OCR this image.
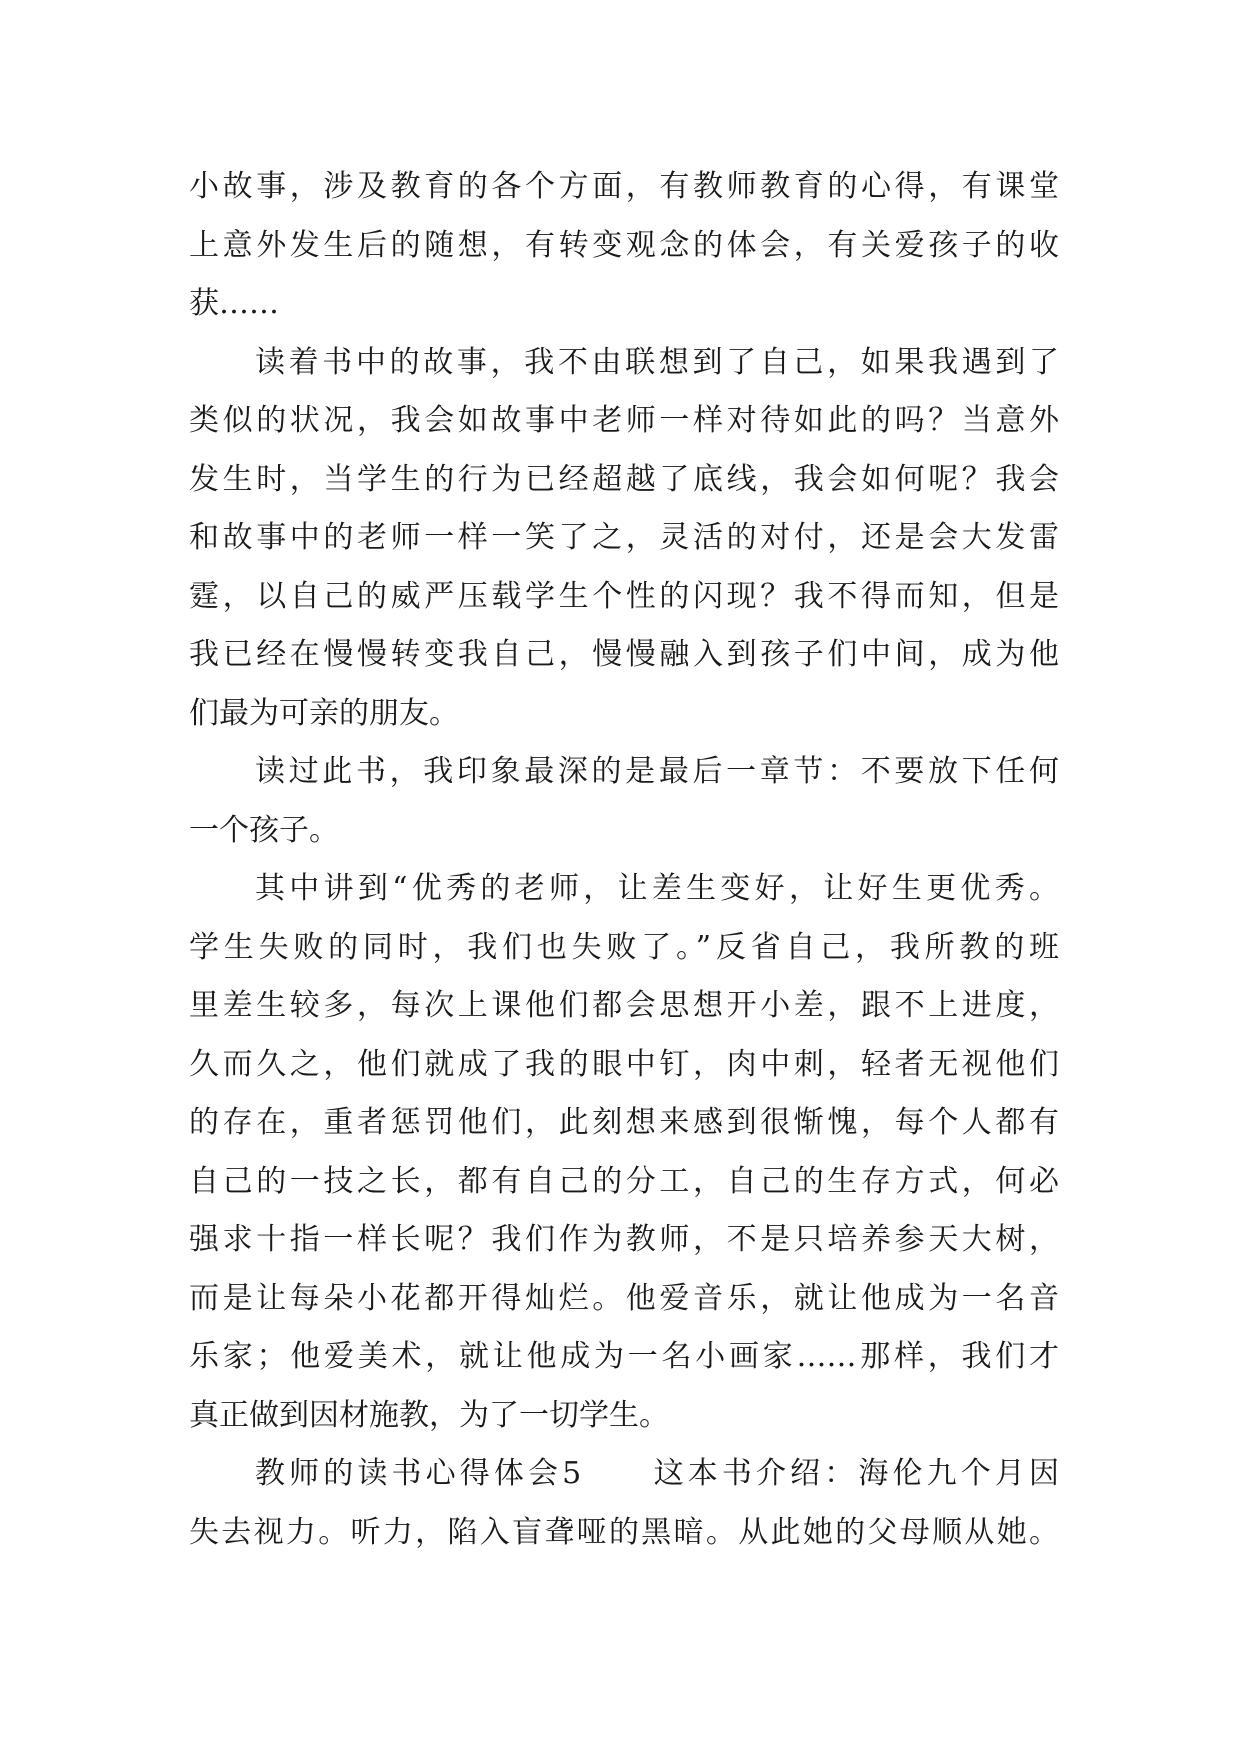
小故事，涉及教育的各个方面，有教师教育的心得，有课堂
上意外发生后的随想，有转变观念的体会，有关爱孩子的收
获……
读着书中的故事，我不由联想到了自己，如果我遇到了
类似的状况，我会如故事中老师一样对待如此的吗？当意外
发生时，当学生的行为已经超越了底线，我会如何呢？我会
和故事中的老师一样一笑了之，灵活的对付，还是会大发雷
霆，以自己的威严压载学生个性的闪现？我不得而知，但是
我已经在慢慢转变我自己，慢慢融入到孩子们中间，成为他
们最为可亲的朋友。
读过此书，我印象最深的是最后一章节：不要放下任何
一个孩子。
其中讲到“优秀的老师，让差生变好，让好生更优秀。
学生失败的同时，我们也失败了。”反省自己，我所教的班
里差生较多，每次上课他们都会思想开小差，跟不上进度，
久而久之，他们就成了我的眼中钉，肉中刺，轻者无视他们
的存在，重者惩罚他们，此刻想来感到很惭愧，每个人都有
自己的一技之长，都有自己的分工，自己的生存方式，何必
强求十指一样长呢？我们作为教师，不是只培养参天大树，
而是让每朵小花都开得灿烂。他爱音乐，就让他成为一名音
乐家；他爱美术，就让他成为一名小画家……那样，我们才
真正做到因材施教，为了一切学生。
教师的读书心得体会5　　这本书介绍：海伦九个月因
失去视力。听力，陷入盲聋哑的黑暗。从此她的父母顺从她。
